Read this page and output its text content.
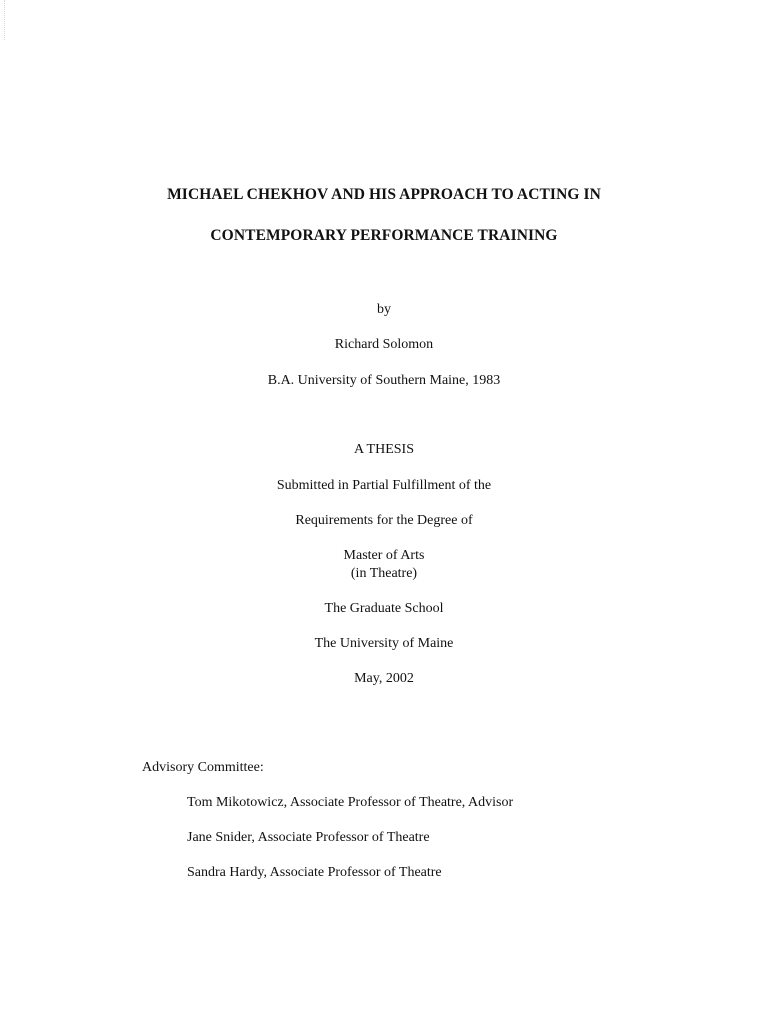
MICHAEL CHEKHOV AND HIS APPROACH TO ACTING IN
CONTEMPORARY PERFORMANCE TRAINING
by
Richard Solomon
B.A. University of Southern Maine, 1983
A THESIS
Submitted in Partial Fulfillment of the
Requirements for the Degree of
Master of Arts
(in Theatre)
The Graduate School
The University of Maine
May, 2002
Advisory Committee:
Tom Mikotowicz, Associate Professor of Theatre, Advisor
Jane Snider, Associate Professor of Theatre
Sandra Hardy, Associate Professor of Theatre
